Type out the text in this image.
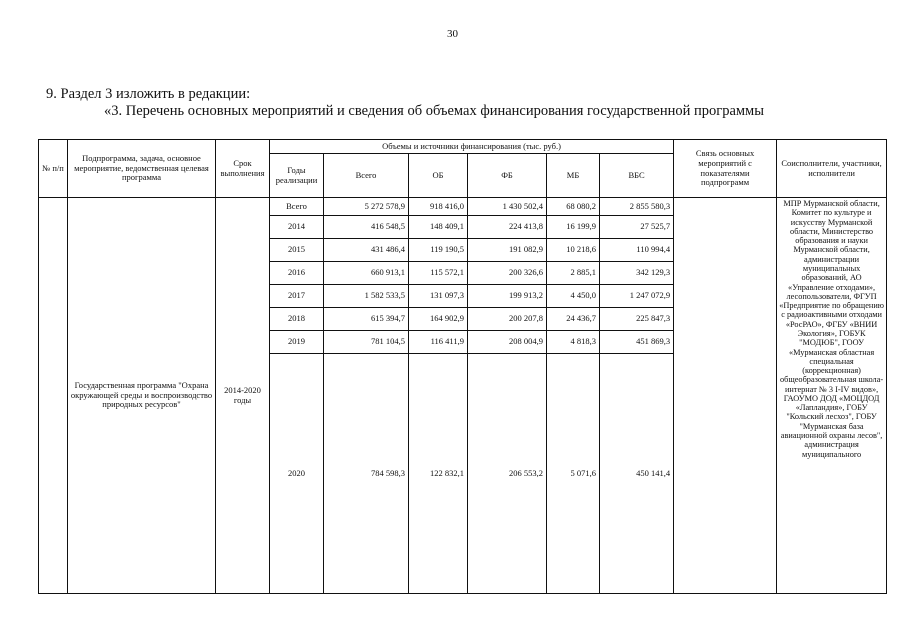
30
9. Раздел 3 изложить в редакции:
«3. Перечень основных мероприятий и сведения об объемах финансирования государственной программы
№ п/п	Подпрограмма, задача, основное мероприятие, ведомственная целевая программа	Срок выполнения	Объемы и источники финансирования (тыс. руб.)						Связь основных мероприятий с показателями подпрограмм	Соисполнители, участники, исполнители
			Годы реализации	Всего	ОБ	ФБ	МБ	ВБС		
	Государственная программа "Охрана окружающей среды и воспроизводство природных ресурсов"	2014-2020 годы	Всего	5 272 578,9	918 416,0	1 430 502,4	68 080,2	2 855 580,3		МПР Мурманской области, Комитет по культуре и искусству Мурманской области, Министерство образования и науки Мурманской области, администрации муниципальных образований, АО «Управление отходами», лесопользователи, ФГУП «Предприятие по обращению с радиоактивными отходами «РосРАО», ФГБУ «ВНИИ Экология», ГОБУК "МОДЮБ", ГООУ «Мурманская областная специальная (коррекционная) общеобразовательная школа-интернат № 3 I-IV видов», ГАОУМО ДОД «МОЦДОД «Лапландия», ГОБУ "Кольский лесхоз", ГОБУ "Мурманская база авиационной охраны лесов", администрация муниципального
			2014	416 548,5	148 409,1	224 413,8	16 199,9	27 525,7		
			2015	431 486,4	119 190,5	191 082,9	10 218,6	110 994,4		
			2016	660 913,1	115 572,1	200 326,6	2 885,1	342 129,3		
			2017	1 582 533,5	131 097,3	199 913,2	4 450,0	1 247 072,9		
			2018	615 394,7	164 902,9	200 207,8	24 436,7	225 847,3		
			2019	781 104,5	116 411,9	208 004,9	4 818,3	451 869,3		
			2020	784 598,3	122 832,1	206 553,2	5 071,6	450 141,4		
